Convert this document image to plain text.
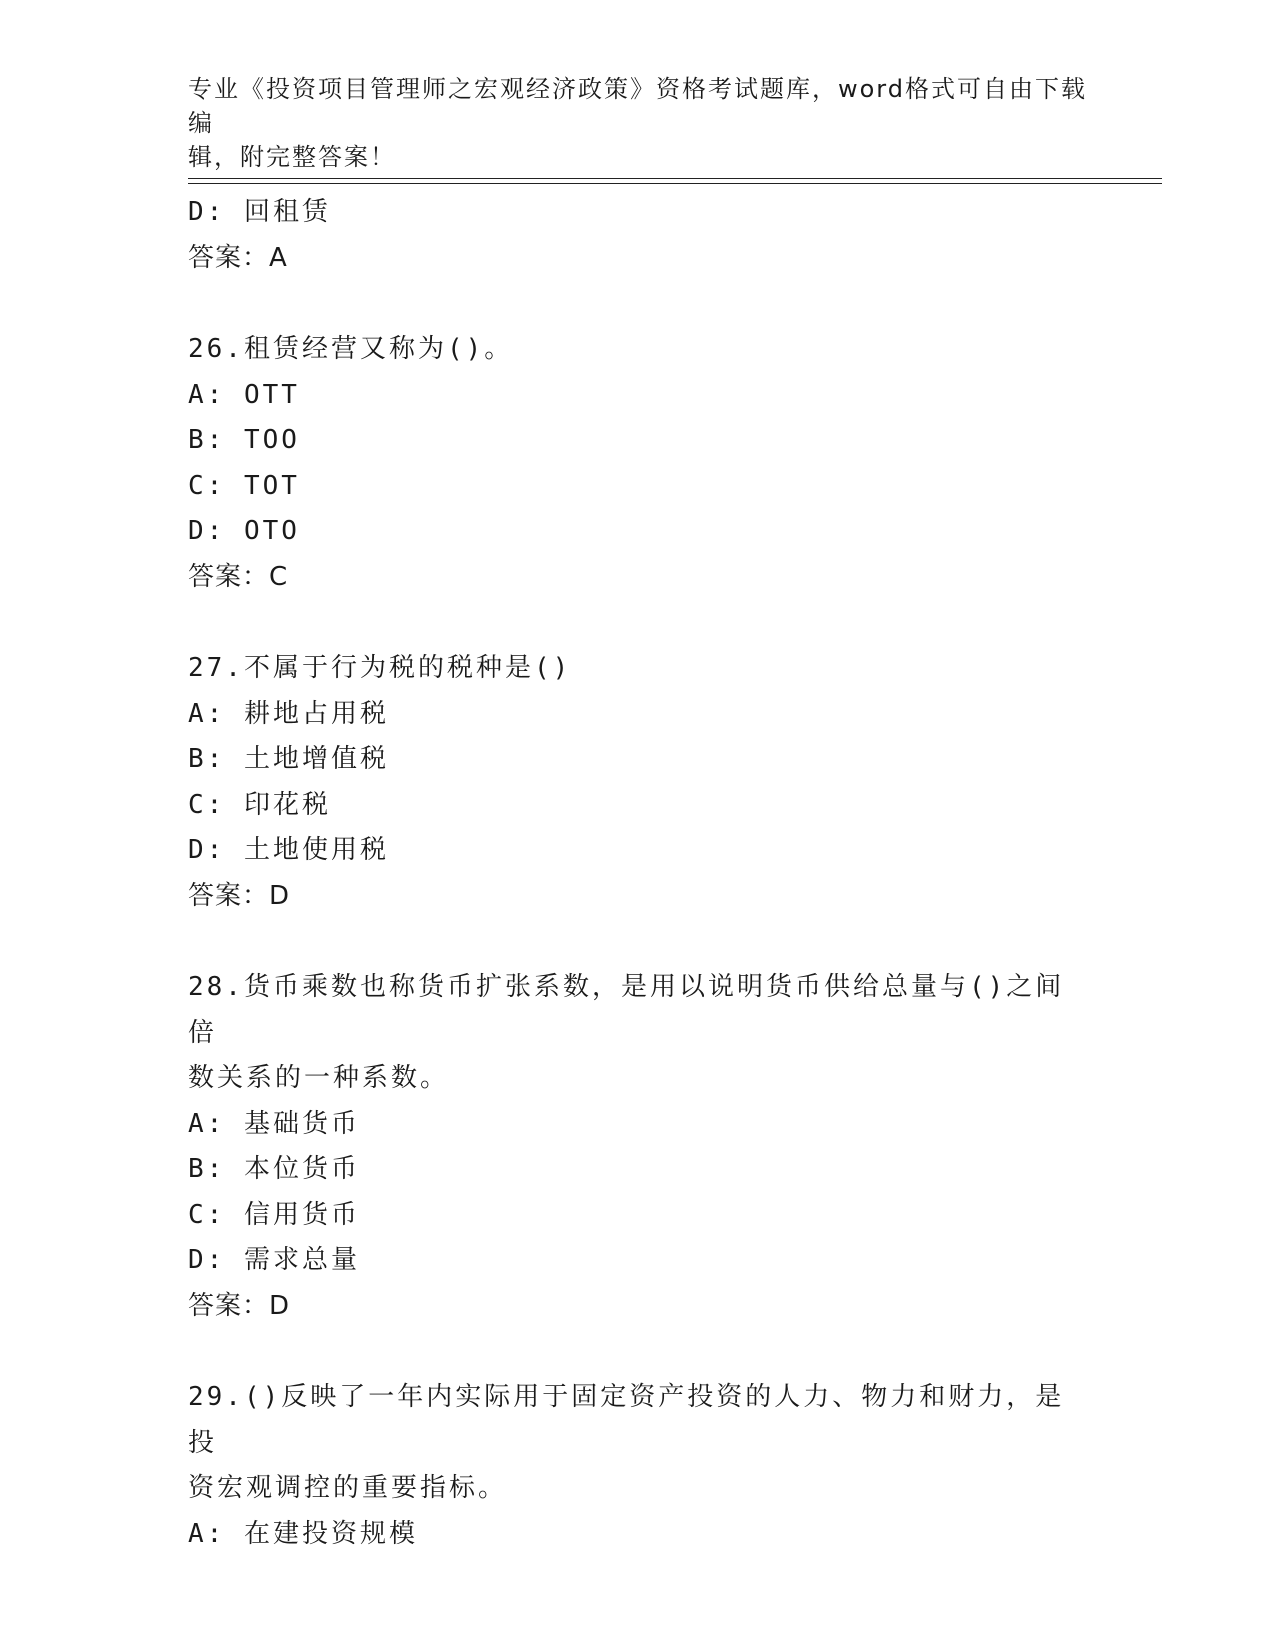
专业《投资项目管理师之宏观经济政策》资格考试题库，word格式可自由下载编
辑，附完整答案！
D: 回租赁
答案：A
26.租赁经营又称为()。
A: OTT
B: TOO
C: TOT
D: OTO
答案：C
27.不属于行为税的税种是()
A: 耕地占用税
B: 土地增值税
C: 印花税
D: 土地使用税
答案：D
28.货币乘数也称货币扩张系数，是用以说明货币供给总量与()之间倍
数关系的一种系数。
A: 基础货币
B: 本位货币
C: 信用货币
D: 需求总量
答案：D
29.()反映了一年内实际用于固定资产投资的人力、物力和财力，是投
资宏观调控的重要指标。
A: 在建投资规模
